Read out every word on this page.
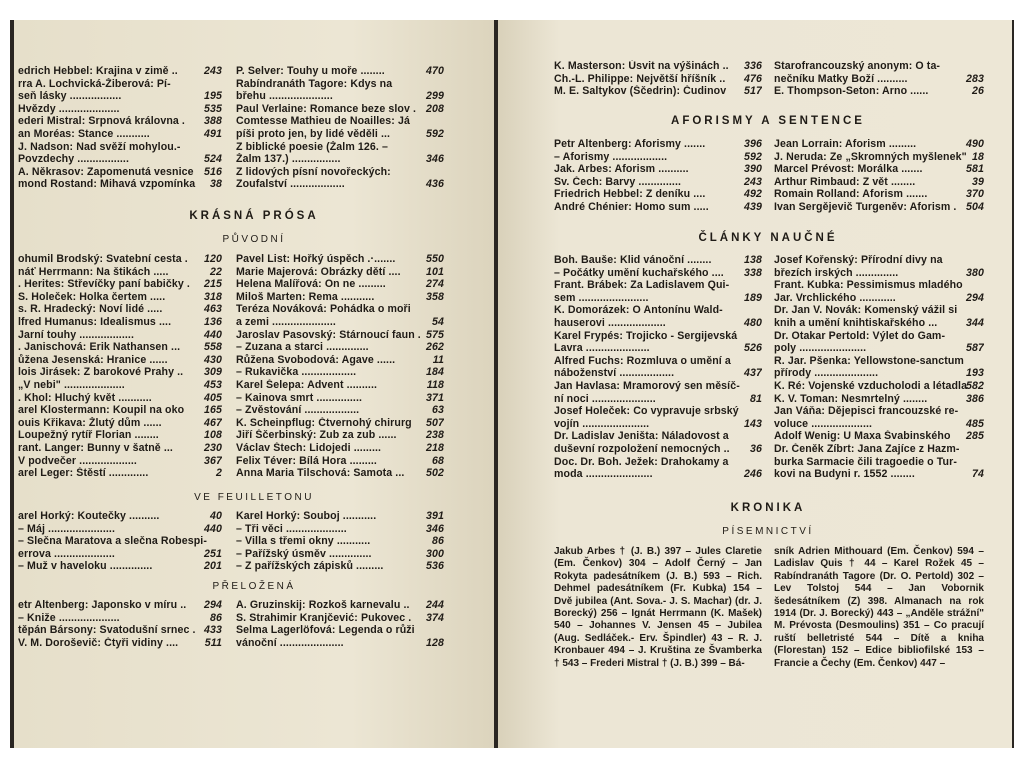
edrich Hebbel: Krajina v zimě .. 243
rra A. Lochvická-Žiberová: Pí-
seň lásky .................	195
Hvězdy ....................	535
ederi Mistral: Srpnová královna . 388
an Moréas: Stance ...........	491
J. Nadson: Nad svěží mohylou.-
Povzdechy .................	524
A. Někrasov: Zapomenutá vesnice 516
mond Rostand: Mihavá vzpomínka 38
P. Selver: Touhy u moře ........	470
Rabíndranáth Tagore: Kdys na
břehu .....................	299
Paul Verlaine: Romance beze slov . 208
Comtesse Mathieu de Noailles: Já
píši proto jen, by lidé věděli ...	592
Z biblické poesie (Žalm 126. –
Žalm 137.) ................	346
Z lidových písní novořeckých:
Zoufalství ..................	436
KRÁSNÁ PRÓSA
PŮVODNÍ
ohumil Brodský: Svatební cesta . 120
náť Herrmann: Na štikách .....	22
. Herites: Střevíčky paní babičky . 215
S. Holeček: Holka čertem .....	318
s. R. Hradecký: Noví lidé .....	463
lfred Humanus: Idealismus ....	136
Jarní touhy ..................	440
. Janischová: Erik Nathansen ... 558
ůžena Jesenská: Hranice ......	430
lois Jirásek: Z barokové Prahy .. 309
„V nebi" ....................	453
. Khol: Hluchý květ ...........	405
arel Klostermann: Koupil na oko 165
ouis Křikava: Žlutý dům ......	467
Loupežný rytíř Florian ........	108
rant. Langer: Bunny v šatně ...	230
V podvečer ...................	367
arel Leger: Štěstí .............	2
Pavel List: Hořký úspěch .·.......	550
Marie Majerová: Obrázky dětí .... 101
Helena Malířová: On ne .........	274
Miloš Marten: Rema ...........	358
Teréza Nováková: Pohádka o moři
a zemi .....................	54
Jaroslav Pasovský: Stárnoucí faun . 575
– Zuzana a starci ..............	262
Růžena Svobodová: Agave ......	11
– Rukavička ..................	184
Karel Šelepa: Advent ..........	118
– Kainova smrt ...............	371
– Zvěstování ..................	63
K. Scheinpflug: Čtvernohý chirurg 507
Jiří Ščerbinský: Zub za zub ......	238
Václav Štech: Lidojedi .........	218
Felix Téver: Bílá Hora .........	68
Anna Maria Tilschová: Samota ... 502
VE FEUILLETONU
arel Horký: Koutečky ..........	40
– Máj ......................	440
– Slečna Maratova a slečna Robespi-
errova ....................	251
– Muž v haveloku ..............	201
Karel Horký: Souboj ...........	391
– Tři věci ....................	346
– Villa s třemi okny ...........	86
– Pařížský úsměv ..............	300
– Z pařížských zápisků .........	536
PŘELOŽENÁ
etr Altenberg: Japonsko v míru .. 294
– Kniže ....................	86
těpán Bársony: Svatodušní srnec . 433
V. M. Doroševič: Čtyři vidiny ....	511
A. Gruzinskij: Rozkoš karnevalu .. 244
S. Strahimir Kranjčević: Pukovec . 374
Selma Lagerlöfová: Legenda o růži
vánoční .....................	128
K. Masterson: Úsvit na výšinách .. 336
Ch.-L. Philippe: Největší hříšník .. 476
M. E. Saltykov (Ščedrin): Čudinov 517
Starofrancouzský anonym: O ta-
nečníku Matky Boží ..........	283
E. Thompson-Seton: Arno ......	26
AFORISMY A SENTENCE
Petr Altenberg: Aforismy .......	396
– Aforismy ..................	592
Jak. Arbes: Aforism ..........	390
Sv. Čech: Barvy ..............	243
Friedrich Hebbel: Z deníku ....	492
André Chénier: Homo sum .....	439
Jean Lorrain: Aforism .........	490
J. Neruda: Ze „Skromných myšlenek" 18
Marcel Prévost: Morálka .......	581
Arthur Rimbaud: Z vět ........	39
Romain Rolland: Aforism .......	370
Ivan Sergějevič Turgeněv: Aforism . 504
ČLÁNKY NAUČNÉ
Boh. Bauše: Klid vánoční ........	138
– Počátky umění kuchařského .... 338
Frant. Brábek: Za Ladislavem Qui-
sem .......................	189
K. Domorázek: O Antonínu Wald-
hauserovi ...................	480
Karel Frypés: Trojicko - Sergijevská
Lavra .....................	526
Alfred Fuchs: Rozmluva o umění a
náboženství ..................	437
Jan Havlasa: Mramorový sen měsíč-
ní noci .....................	81
Josef Holeček: Co vypravuje srbský
vojín ......................	143
Dr. Ladislav Jeništa: Náladovost a
duševní rozpoložení nemocných .. 36
Doc. Dr. Boh. Ježek: Drahokamy a
moda ......................	246
Josef Kořenský: Přírodní divy na
březích irských ..............	380
Frant. Kubka: Pessimismus mladého
Jar. Vrchlického ............	294
Dr. Jan V. Novák: Komenský vážil si
knih a umění knihtiskařského ...	344
Dr. Otakar Pertold: Výlet do Gam-
poly ......................	587
R. Jar. Pšenka: Yellowstone-sanctum
přírody .....................	193
K. Ré: Vojenské vzducholodi a létadla
582
K. V. Toman: Nesmrtelný ........	386
Jan Váňa: Dějepisci francouzské re-
voluce ....................	485
Adolf Wenig: U Maxa Švabinského 285
Dr. Čeněk Zíbrt: Jana Zajíce z Hazm-
burka Sarmacie čili tragoedie o Tur-
kovi na Budyni r. 1552 ........	74
KRONIKA
PÍSEMNICTVÍ

Jakub Arbes † (J. B.) 397 – Jules Claretie (Em. Čenkov) 304 – Adolf Černý – Jan Rokyta padesátníkem (J. B.) 593 – Rich. Dehmel padesátníkem (Fr. Kubka) 154 – Dvě jubilea (Ant. Sova.- J. S. Machar) (dr. J. Borecký) 256 – Ignát Herrmann (K. Mašek) 540 – Johannes V. Jensen 45 – Jubilea (Aug. Sedláček.- Erv. Špindler) 43 – R. J. Kronbauer 494 – J. Kruština ze Švamberka † 543 – Frederi Mistral † (J. B.) 399 – Bá-

sník Adrien Mithouard (Em. Čenkov) 594 – Ladislav Quis † 44 – Karel Rožek 45 – Rabíndranáth Tagore (Dr. O. Pertold) 302 – Lev Tolstoj 544 – Jan Vobornik šedesátníkem (Z) 398. Almanach na rok 1914 (Dr. J. Borecký) 443 – „Anděle strážní" M. Prévosta (Desmoulins) 351 – Co pracují ruští belletristé 544 – Dítě a kniha (Florestan) 152 – Edice bibliofilské 153 – Francie a Čechy (Em. Čenkov) 447 –
